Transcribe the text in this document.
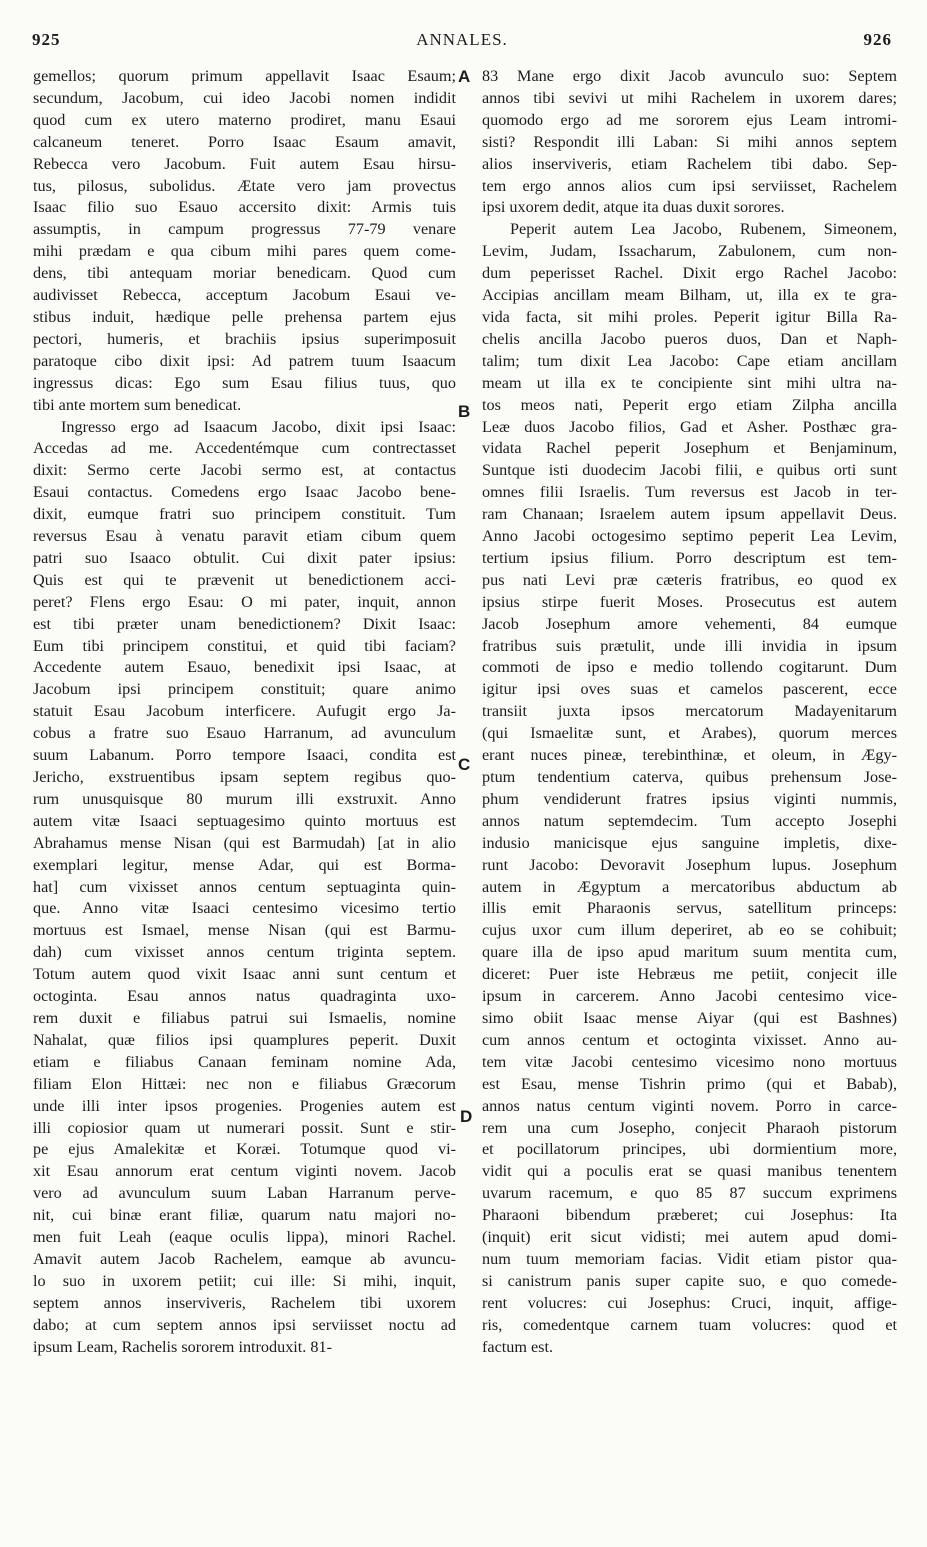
925	ANNALES.	926

gemellos; quorum primum appellavit Isaac Esaum;

secundum, Jacobum, cui ideo Jacobi nomen indidit

quod cum ex utero materno prodiret, manu Esaui

calcaneum teneret. Porro Isaac Esaum amavit,

Rebecca vero Jacobum. Fuit autem Esau hirsu-

tus, pilosus, subolidus. Ætate vero jam provectus

Isaac filio suo Esauo accersito dixit: Armis tuis

assumptis, in campum progressus 77-79 venare

mihi prædam e qua cibum mihi pares quem come-

dens, tibi antequam moriar benedicam. Quod cum

audivisset Rebecca, acceptum Jacobum Esaui ve-

stibus induit, hædique pelle prehensa partem ejus

pectori, humeris, et brachiis ipsius superimposuit

paratoque cibo dixit ipsi: Ad patrem tuum Isaacum

ingressus dicas: Ego sum Esau filius tuus, quo

tibi ante mortem sum benedicat.

Ingresso ergo ad Isaacum Jacobo, dixit ipsi Isaac:

Accedas ad me. Accedentémque cum contrectasset

dixit: Sermo certe Jacobi sermo est, at contactus

Esaui contactus. Comedens ergo Isaac Jacobo bene-

dixit, eumque fratri suo principem constituit. Tum

reversus Esau à venatu paravit etiam cibum quem

patri suo Isaaco obtulit. Cui dixit pater ipsius:

Quis est qui te prævenit ut benedictionem acci-

peret? Flens ergo Esau: O mi pater, inquit, annon

est tibi præter unam benedictionem? Dixit Isaac:

Eum tibi principem constitui, et quid tibi faciam?

Accedente autem Esauo, benedixit ipsi Isaac, at

Jacobum ipsi principem constituit; quare animo

statuit Esau Jacobum interficere. Aufugit ergo Ja-

cobus a fratre suo Esauo Harranum, ad avunculum

suum Labanum. Porro tempore Isaaci, condita est

Jericho, exstruentibus ipsam septem regibus quo-

rum unusquisque 80 murum illi exstruxit. Anno

autem vitæ Isaaci septuagesimo quinto mortuus est

Abrahamus mense Nisan (qui est Barmudah) [at in alio

exemplari legitur, mense Adar, qui est Borma-

hat] cum vixisset annos centum septuaginta quin-

que. Anno vitæ Isaaci centesimo vicesimo tertio

mortuus est Ismael, mense Nisan (qui est Barmu-

dah) cum vixisset annos centum triginta septem.

Totum autem quod vixit Isaac anni sunt centum et

octoginta. Esau annos natus quadraginta uxo-

rem duxit e filiabus patrui sui Ismaelis, nomine

Nahalat, quæ filios ipsi quamplures peperit. Duxit

etiam e filiabus Canaan feminam nomine Ada,

filiam Elon Hittæi: nec non e filiabus Græcorum

unde illi inter ipsos progenies. Progenies autem est

illi copiosior quam ut numerari possit. Sunt e stir-

pe ejus Amalekitæ et Koræi. Totumque quod vi-

xit Esau annorum erat centum viginti novem. Jacob

vero ad avunculum suum Laban Harranum perve-

nit, cui binæ erant filiæ, quarum natu majori no-

men fuit Leah (eaque oculis lippa), minori Rachel.

Amavit autem Jacob Rachelem, eamque ab avuncu-

lo suo in uxorem petiit; cui ille: Si mihi, inquit,

septem annos inserviveris, Rachelem tibi uxorem

dabo; at cum septem annos ipsi serviisset noctu ad

ipsum Leam, Rachelis sororem introduxit. 81-

83 Mane ergo dixit Jacob avunculo suo: Septem

annos tibi sevivi ut mihi Rachelem in uxorem dares;

quomodo ergo ad me sororem ejus Leam intromi-

sisti? Respondit illi Laban: Si mihi annos septem

alios inserviveris, etiam Rachelem tibi dabo. Sep-

tem ergo annos alios cum ipsi serviisset, Rachelem

ipsi uxorem dedit, atque ita duas duxit sorores.

Peperit autem Lea Jacobo, Rubenem, Simeonem,

Levim, Judam, Issacharum, Zabulonem, cum non-

dum peperisset Rachel. Dixit ergo Rachel Jacobo:

Accipias ancillam meam Bilham, ut, illa ex te gra-

vida facta, sit mihi proles. Peperit igitur Billa Ra-

chelis ancilla Jacobo pueros duos, Dan et Naph-

talim; tum dixit Lea Jacobo: Cape etiam ancillam

meam ut illa ex te concipiente sint mihi ultra na-

tos meos nati, Peperit ergo etiam Zilpha ancilla

Leæ duos Jacobo filios, Gad et Asher. Posthæc gra-

vidata Rachel peperit Josephum et Benjaminum,

Suntque isti duodecim Jacobi filii, e quibus orti sunt

omnes filii Israelis. Tum reversus est Jacob in ter-

ram Chanaan; Israelem autem ipsum appellavit Deus.

Anno Jacobi octogesimo septimo peperit Lea Levim,

tertium ipsius filium. Porro descriptum est tem-

pus nati Levi præ cæteris fratribus, eo quod ex

ipsius stirpe fuerit Moses. Prosecutus est autem

Jacob Josephum amore vehementi, 84 eumque

fratribus suis prætulit, unde illi invidia in ipsum

commoti de ipso e medio tollendo cogitarunt. Dum

igitur ipsi oves suas et camelos pascerent, ecce

transiit juxta ipsos mercatorum Madayenitarum

(qui Ismaelitæ sunt, et Arabes), quorum merces

erant nuces pineæ, terebinthinæ, et oleum, in Ægy-

ptum tendentium caterva, quibus prehensum Jose-

phum vendiderunt fratres ipsius viginti nummis,

annos natum septemdecim. Tum accepto Josephi

indusio manicisque ejus sanguine impletis, dixe-

runt Jacobo: Devoravit Josephum lupus. Josephum

autem in Ægyptum a mercatoribus abductum ab

illis emit Pharaonis servus, satellitum princeps:

cujus uxor cum illum deperiret, ab eo se cohibuit;

quare illa de ipso apud maritum suum mentita cum,

diceret: Puer iste Hebræus me petiit, conjecit ille

ipsum in carcerem. Anno Jacobi centesimo vice-

simo obiit Isaac mense Aiyar (qui est Bashnes)

cum annos centum et octoginta vixisset. Anno au-

tem vitæ Jacobi centesimo vicesimo nono mortuus

est Esau, mense Tishrin primo (qui et Babab),

annos natus centum viginti novem. Porro in carce-

rem una cum Josepho, conjecit Pharaoh pistorum

et pocillatorum principes, ubi dormientium more,

vidit qui a poculis erat se quasi manibus tenentem

uvarum racemum, e quo 85 87 succum exprimens

Pharaoni bibendum præberet; cui Josephus: Ita

(inquit) erit sicut vidisti; mei autem apud domi-

num tuum memoriam facias. Vidit etiam pistor qua-

si canistrum panis super capite suo, e quo comede-

rent volucres: cui Josephus: Cruci, inquit, affige-

ris, comedentque carnem tuam volucres: quod et

factum est.

A
B
C
D
